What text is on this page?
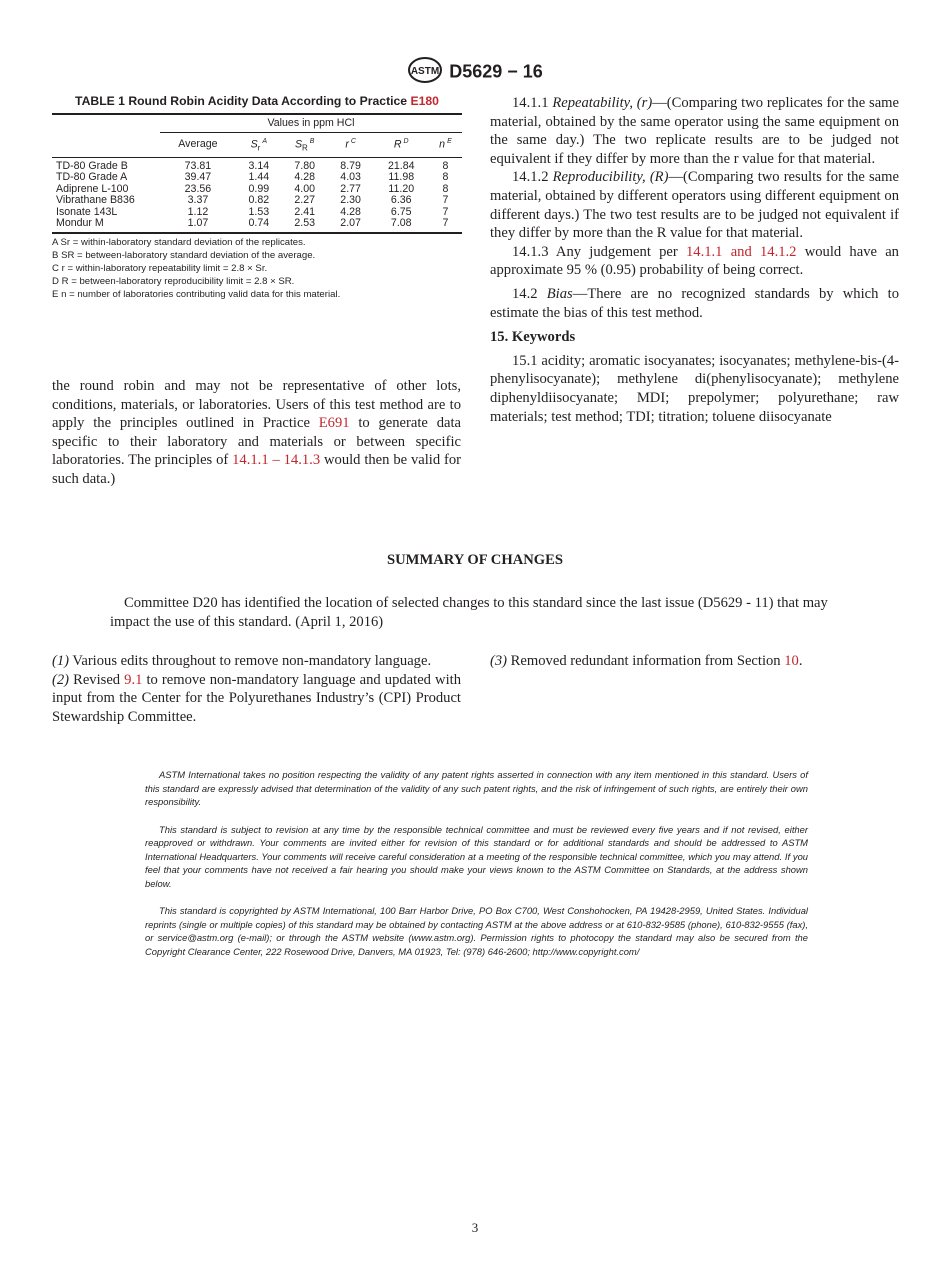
ASTM D5629 − 16
TABLE 1 Round Robin Acidity Data According to Practice E180
	Values in ppm HCl					
	Average	$S_r^A$	$S_R^B$	r $^C$	R $^D$	n $^E$
TD-80 Grade B	73.81	3.14	7.80	8.79	21.84	8
TD-80 Grade A	39.47	1.44	4.28	4.03	11.98	8
Adiprene L-100	23.56	0.99	4.00	2.77	11.20	8
Vibrathane B836	3.37	0.82	2.27	2.30	6.36	7
Isonate 143L	1.12	1.53	2.41	4.28	6.75	7
Mondur M	1.07	0.74	2.53	2.07	7.08	7
A Sr = within-laboratory standard deviation of the replicates.
B SR = between-laboratory standard deviation of the average.
C r = within-laboratory repeatability limit = 2.8 × Sr.
D R = between-laboratory reproducibility limit = 2.8 × SR.
E n = number of laboratories contributing valid data for this material.

the round robin and may not be representative of other lots, conditions, materials, or laboratories. Users of this test method are to apply the principles outlined in Practice E691 to generate data specific to their laboratory and materials or between specific laboratories. The principles of 14.1.1 – 14.1.3 would then be valid for such data.)

14.1.1 Repeatability, (r)—(Comparing two replicates for the same material, obtained by the same operator using the same equipment on the same day.) The two replicate results are to be judged not equivalent if they differ by more than the r value for that material.

14.1.2 Reproducibility, (R)—(Comparing two results for the same material, obtained by different operators using different equipment on different days.) The two test results are to be judged not equivalent if they differ by more than the R value for that material.

14.1.3 Any judgement per 14.1.1 and 14.1.2 would have an approximate 95 % (0.95) probability of being correct.

14.2 Bias—There are no recognized standards by which to estimate the bias of this test method.

15. Keywords

15.1 acidity; aromatic isocyanates; isocyanates; methylene-bis-(4-phenylisocyanate); methylene di(phenylisocyanate); methylene diphenyldiisocyanate; MDI; prepolymer; polyurethane; raw materials; test method; TDI; titration; toluene diisocyanate

SUMMARY OF CHANGES
Committee D20 has identified the location of selected changes to this standard since the last issue (D5629 - 11) that may impact the use of this standard. (April 1, 2016)

(1) Various edits throughout to remove non-mandatory language.

(2) Revised 9.1 to remove non-mandatory language and updated with input from the Center for the Polyurethanes Industry’s (CPI) Product Stewardship Committee.

(3) Removed redundant information from Section 10.

ASTM International takes no position respecting the validity of any patent rights asserted in connection with any item mentioned in this standard. Users of this standard are expressly advised that determination of the validity of any such patent rights, and the risk of infringement of such rights, are entirely their own responsibility.

This standard is subject to revision at any time by the responsible technical committee and must be reviewed every five years and if not revised, either reapproved or withdrawn. Your comments are invited either for revision of this standard or for additional standards and should be addressed to ASTM International Headquarters. Your comments will receive careful consideration at a meeting of the responsible technical committee, which you may attend. If you feel that your comments have not received a fair hearing you should make your views known to the ASTM Committee on Standards, at the address shown below.

This standard is copyrighted by ASTM International, 100 Barr Harbor Drive, PO Box C700, West Conshohocken, PA 19428-2959, United States. Individual reprints (single or multiple copies) of this standard may be obtained by contacting ASTM at the above address or at 610-832-9585 (phone), 610-832-9555 (fax), or service@astm.org (e-mail); or through the ASTM website (www.astm.org). Permission rights to photocopy the standard may also be secured from the Copyright Clearance Center, 222 Rosewood Drive, Danvers, MA 01923, Tel: (978) 646-2600; http://www.copyright.com/

3
